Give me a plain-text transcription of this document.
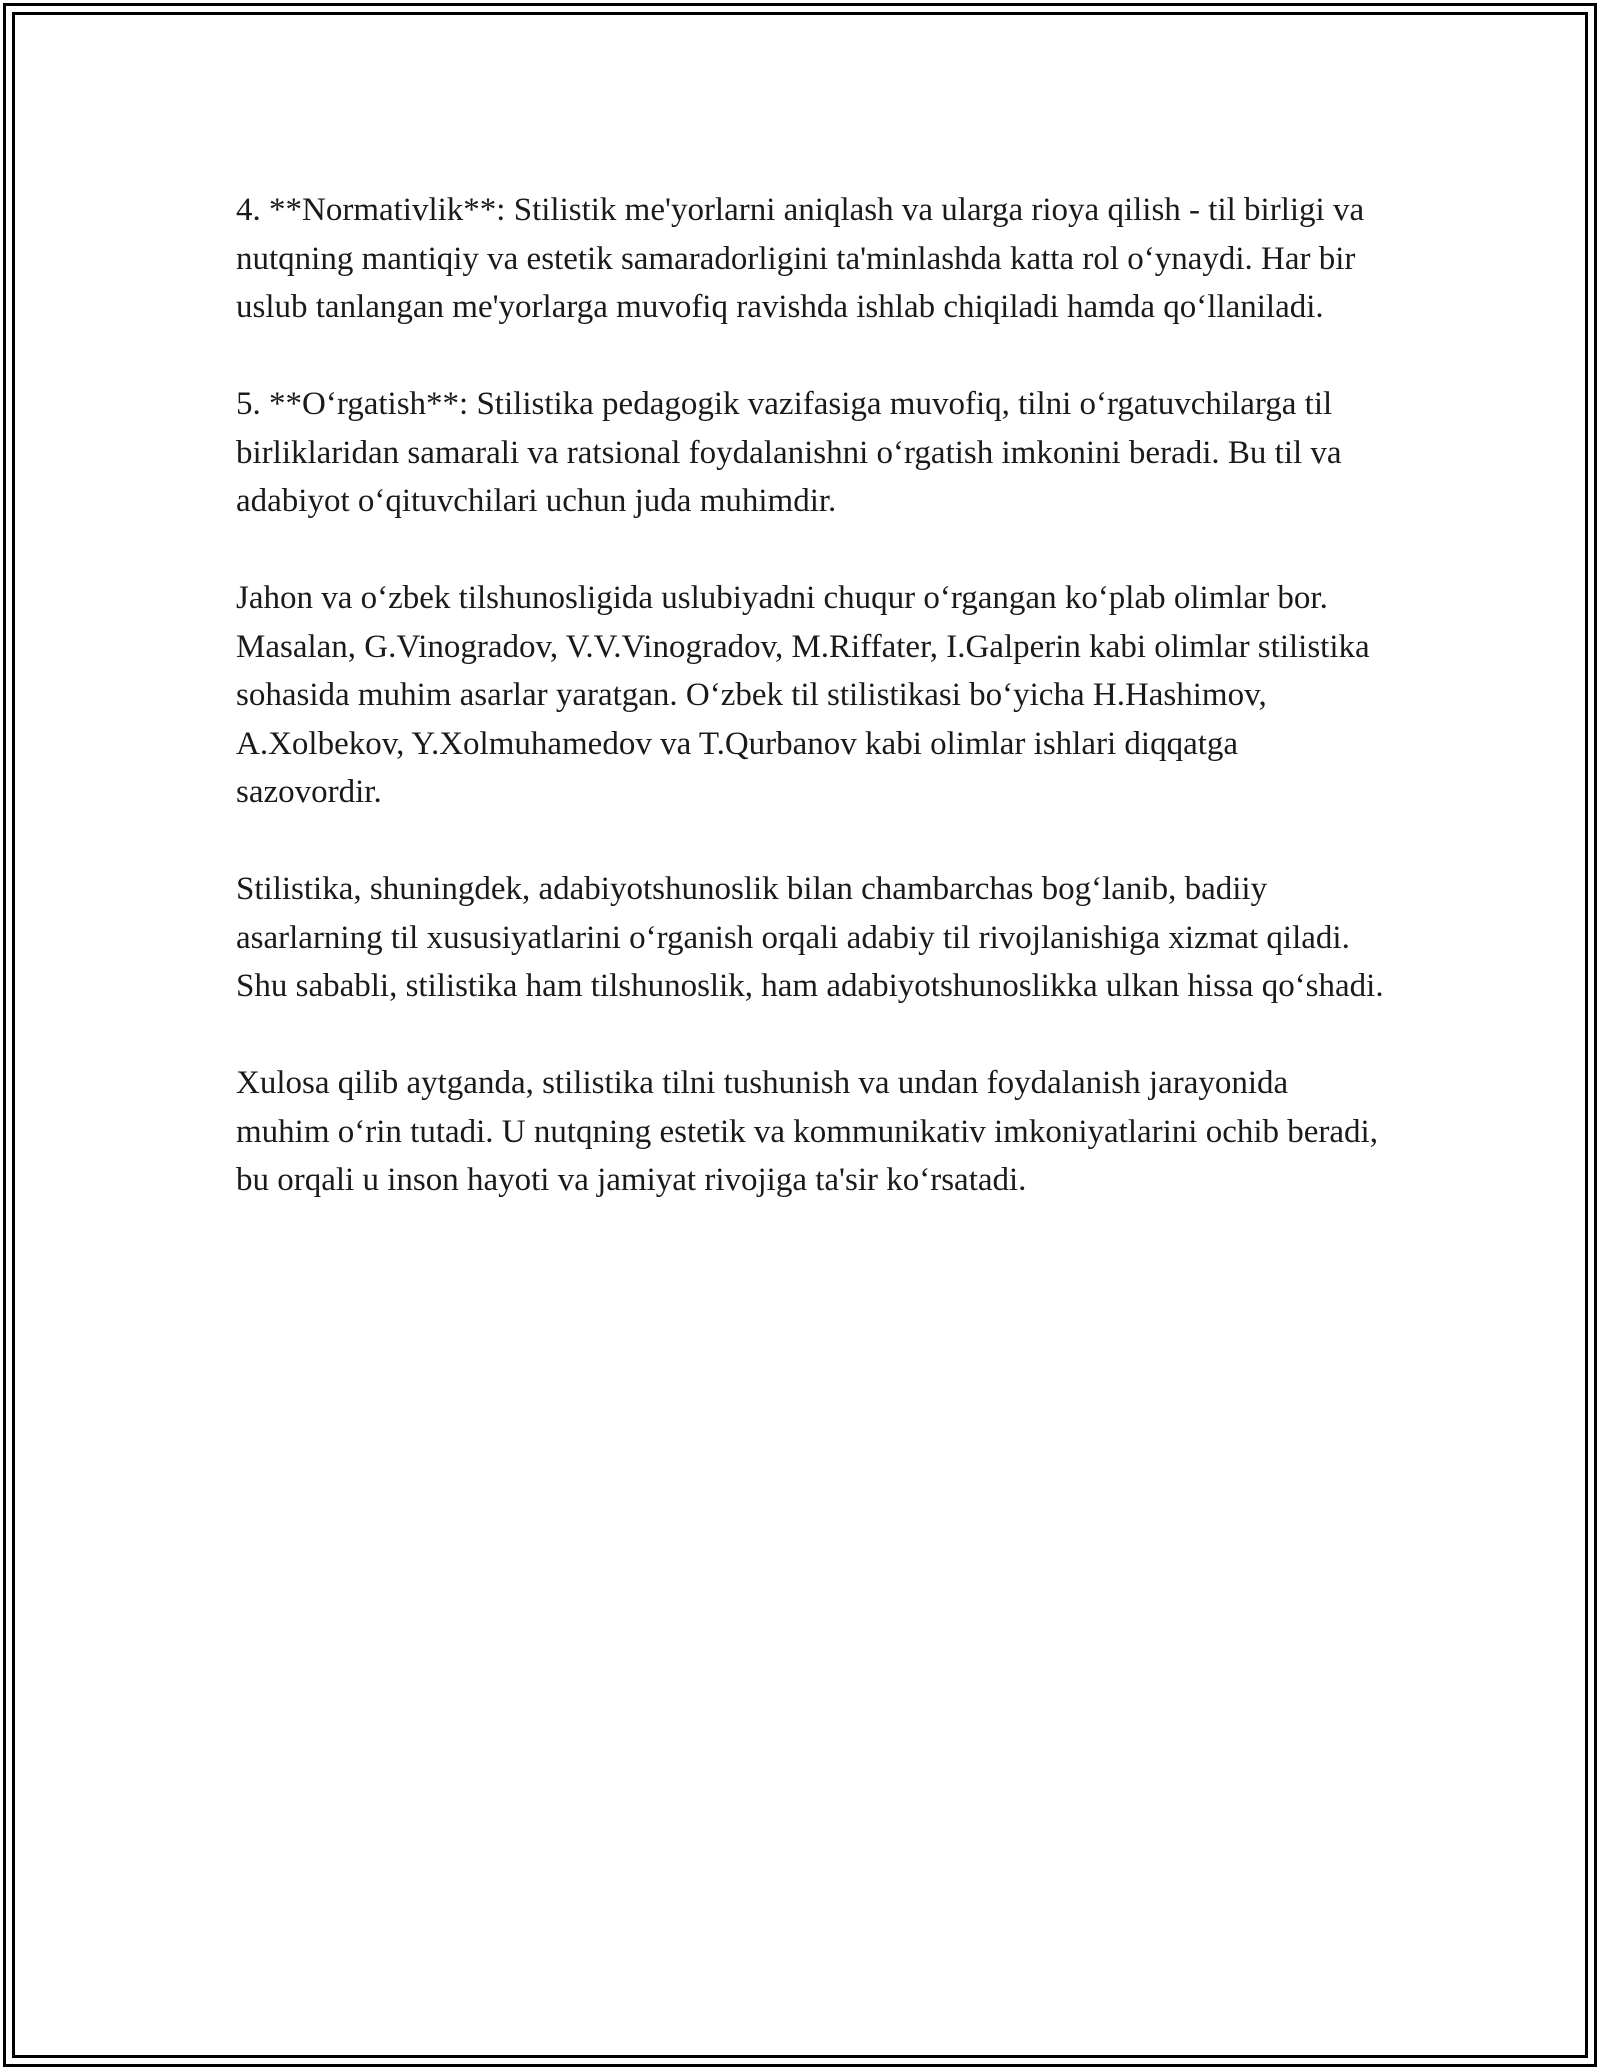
4. **Normativlik**: Stilistik me'yorlarni aniqlash va ularga rioya qilish - til birligi va nutqning mantiqiy va estetik samaradorligini ta'minlashda katta rol o‘ynaydi. Har bir uslub tanlangan me'yorlarga muvofiq ravishda ishlab chiqiladi hamda qo‘llaniladi.

5. **O‘rgatish**: Stilistika pedagogik vazifasiga muvofiq, tilni o‘rgatuvchilarga til birliklaridan samarali va ratsional foydalanishni o‘rgatish imkonini beradi. Bu til va adabiyot o‘qituvchilari uchun juda muhimdir.

Jahon va o‘zbek tilshunosligida uslubiyadni chuqur o‘rgangan ko‘plab olimlar bor. Masalan, G.Vinogradov, V.V.Vinogradov, M.Riffater, I.Galperin kabi olimlar stilistika sohasida muhim asarlar yaratgan. O‘zbek til stilistikasi bo‘yicha H.Hashimov, A.Xolbekov, Y.Xolmuhamedov va T.Qurbanov kabi olimlar ishlari diqqatga sazovordir.

Stilistika, shuningdek, adabiyotshunoslik bilan chambarchas bog‘lanib, badiiy asarlarning til xususiyatlarini o‘rganish orqali adabiy til rivojlanishiga xizmat qiladi. Shu sababli, stilistika ham tilshunoslik, ham adabiyotshunoslikka ulkan hissa qo‘shadi.

Xulosa qilib aytganda, stilistika tilni tushunish va undan foydalanish jarayonida muhim o‘rin tutadi. U nutqning estetik va kommunikativ imkoniyatlarini ochib beradi, bu orqali u inson hayoti va jamiyat rivojiga ta'sir ko‘rsatadi.
